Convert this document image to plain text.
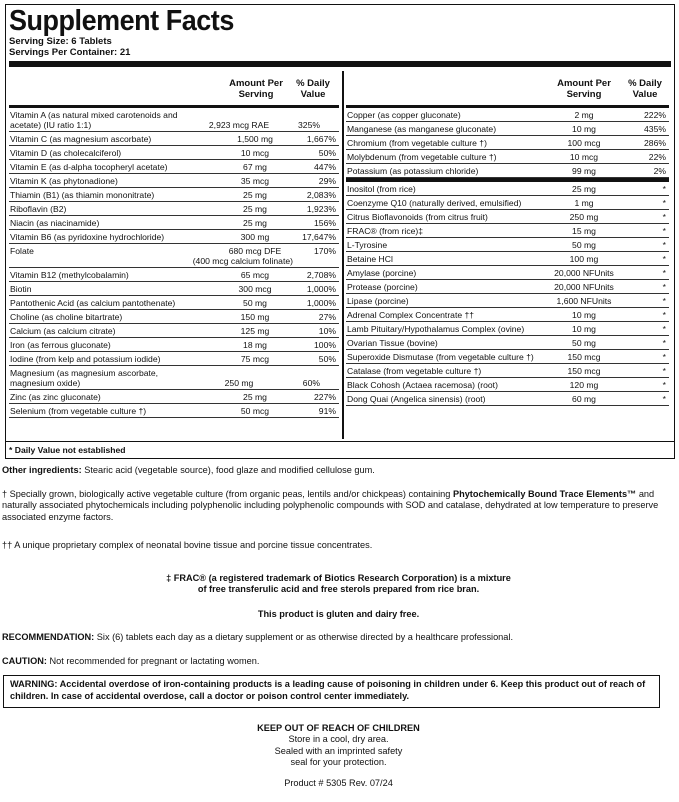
Supplement Facts
Serving Size: 6 Tablets
Servings Per Container: 21
Amount Per Serving
% Daily Value
Vitamin A (as natural mixed carotenoids and acetate) (IU ratio 1:1)	2,923 mcg RAE	325%
Vitamin C (as magnesium ascorbate)	1,500 mg	1,667%
Vitamin D (as cholecalciferol)	10 mcg	50%
Vitamin E (as d-alpha tocopheryl acetate)	67 mg	447%
Vitamin K (as phytonadione)	35 mcg	29%
Thiamin (B1) (as thiamin mononitrate)	25 mg	2,083%
Riboflavin (B2)	25 mg	1,923%
Niacin (as niacinamide)	25 mg	156%
Vitamin B6 (as pyridoxine hydrochloride)	300 mg	17,647%
Folate	680 mcg DFE	170%
(400 mcg calcium folinate)
Vitamin B12 (methylcobalamin)	65 mcg	2,708%
Biotin	300 mcg	1,000%
Pantothenic Acid (as calcium pantothenate)	50 mg	1,000%
Choline (as choline bitartrate)	150 mg	27%
Calcium (as calcium citrate)	125 mg	10%
Iron (as ferrous gluconate)	18 mg	100%
Iodine (from kelp and potassium iodide)	75 mcg	50%
Magnesium (as magnesium ascorbate, magnesium oxide)	250 mg	60%
Zinc (as zinc gluconate)	25 mg	227%
Selenium (from vegetable culture †)	50 mcg	91%
Amount Per Serving
% Daily Value
Copper (as copper gluconate)	2 mg	222%
Manganese (as manganese gluconate)	10 mg	435%
Chromium (from vegetable culture †)	100 mcg	286%
Molybdenum (from vegetable culture †)	10 mcg	22%
Potassium (as potassium chloride)	99 mg	2%
Inositol (from rice)	25 mg	*
Coenzyme Q10 (naturally derived, emulsified)	1 mg	*
Citrus Bioflavonoids (from citrus fruit)	250 mg	*
FRAC® (from rice)‡	15 mg	*
L-Tyrosine	50 mg	*
Betaine HCl	100 mg	*
Amylase (porcine)	20,000 NFUnits	*
Protease (porcine)	20,000 NFUnits	*
Lipase (porcine)	1,600 NFUnits	*
Adrenal Complex Concentrate ††	10 mg	*
Lamb Pituitary/Hypothalamus Complex (ovine)	10 mg	*
Ovarian Tissue (bovine)	50 mg	*
Superoxide Dismutase (from vegetable culture †)	150 mcg	*
Catalase (from vegetable culture †)	150 mcg	*
Black Cohosh (Actaea racemosa) (root)	120 mg	*
Dong Quai (Angelica sinensis) (root)	60 mg	*
* Daily Value not established
Other ingredients: Stearic acid (vegetable source), food glaze and modified cellulose gum.
† Specially grown, biologically active vegetable culture (from organic peas, lentils and/or chickpeas) containing Phytochemically Bound Trace Elements™ and naturally associated phytochemicals including polyphenolic including polyphenolic compounds with SOD and catalase, dehydrated at low temperature to preserve associated enzyme factors.
†† A unique proprietary complex of neonatal bovine tissue and porcine tissue concentrates.
‡ FRAC® (a registered trademark of Biotics Research Corporation) is a mixture
of free transferulic acid and free sterols prepared from rice bran.
This product is gluten and dairy free.
RECOMMENDATION: Six (6) tablets each day as a dietary supplement or as otherwise directed by a healthcare professional.
CAUTION: Not recommended for pregnant or lactating women.
WARNING: Accidental overdose of iron-containing products is a leading cause of poisoning in children under 6. Keep this product out of reach of children. In case of accidental overdose, call a doctor or poison control center immediately.
KEEP OUT OF REACH OF CHILDREN
Store in a cool, dry area.
Sealed with an imprinted safety
seal for your protection.
Product # 5305 Rev. 07/24
